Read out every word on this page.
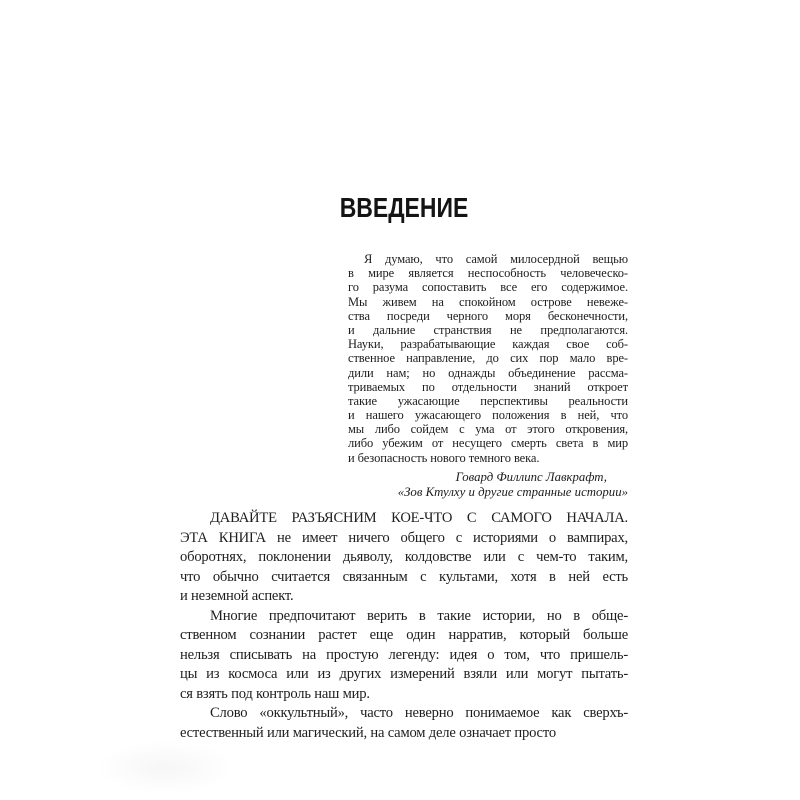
ВВЕДЕНИЕ
Я думаю, что самой милосердной вещью
в мире является неспособность человеческо-
го разума сопоставить все его содержимое.
Мы живем на спокойном острове невеже-
ства посреди черного моря бесконечности,
и дальние странствия не предполагаются.
Науки, разрабатывающие каждая свое соб-
ственное направление, до сих пор мало вре-
дили нам; но однажды объединение рассма-
триваемых по отдельности знаний откроет
такие ужасающие перспективы реальности
и нашего ужасающего положения в ней, что
мы либо сойдем с ума от этого откровения,
либо убежим от несущего смерть света в мир
и безопасность нового темного века.
Говард Филлипс Лавкрафт,
«Зов Ктулху и другие странные истории»
ДАВАЙТЕ РАЗЪЯСНИМ КОЕ-ЧТО С САМОГО НАЧАЛА.
ЭТА КНИГА не имеет ничего общего с историями о вампирах,
оборотнях, поклонении дьяволу, колдовстве или с чем-то таким,
что обычно считается связанным с культами, хотя в ней есть
и неземной аспект.
Многие предпочитают верить в такие истории, но в обще-
ственном сознании растет еще один нарратив, который больше
нельзя списывать на простую легенду: идея о том, что пришель-
цы из космоса или из других измерений взяли или могут пытать-
ся взять под контроль наш мир.
Слово «оккультный», часто неверно понимаемое как сверхъ-
естественный или магический, на самом деле означает просто
